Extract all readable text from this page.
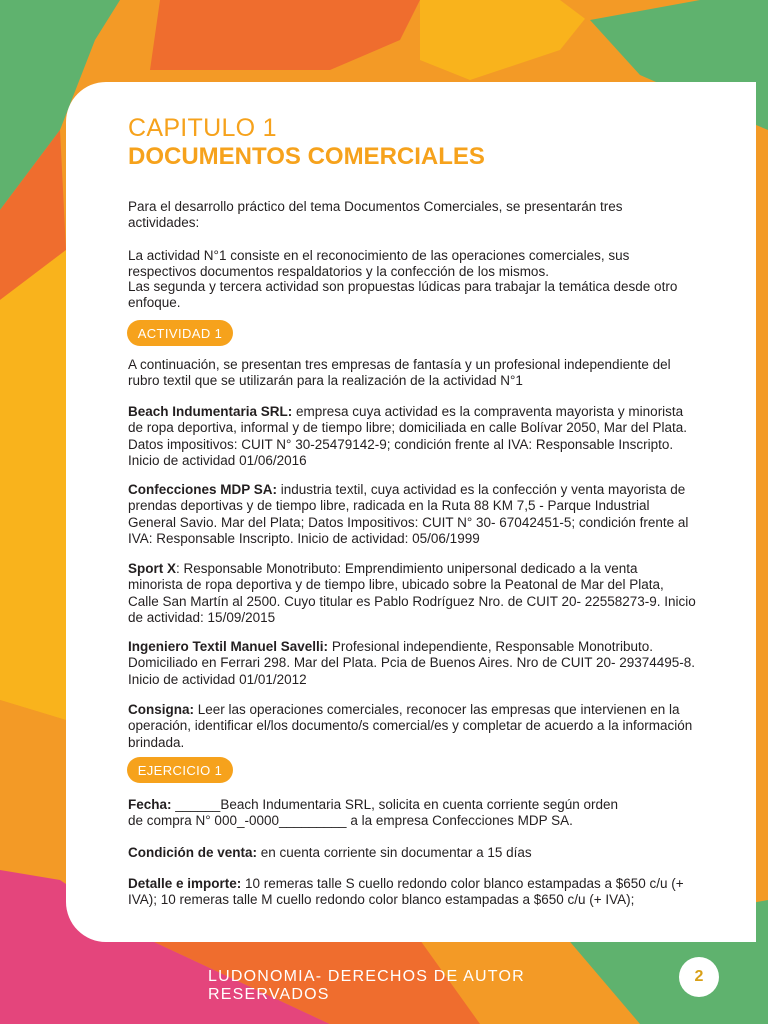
CAPITULO 1
DOCUMENTOS COMERCIALES
Para el desarrollo práctico del tema Documentos Comerciales, se presentarán tres actividades:
La actividad N°1 consiste en el reconocimiento de las operaciones comerciales, sus respectivos documentos respaldatorios y la confección de los mismos.
Las segunda y tercera actividad son propuestas lúdicas para trabajar la temática desde otro enfoque.
ACTIVIDAD 1
A continuación, se presentan tres empresas de fantasía y un profesional independiente del rubro textil que se utilizarán para la realización de la actividad N°1
Beach Indumentaria SRL: empresa cuya actividad es la compraventa mayorista y minorista de ropa deportiva, informal y de tiempo libre; domiciliada en calle Bolívar 2050, Mar del Plata. Datos impositivos: CUIT N° 30-25479142-9; condición frente al IVA: Responsable Inscripto. Inicio de actividad 01/06/2016
Confecciones MDP SA: industria textil, cuya actividad es la confección y venta mayorista de prendas deportivas y de tiempo libre, radicada en la Ruta 88 KM 7,5 - Parque Industrial General Savio. Mar del Plata; Datos Impositivos: CUIT N° 30- 67042451-5; condición frente al IVA: Responsable Inscripto. Inicio de actividad: 05/06/1999
Sport X: Responsable Monotributo: Emprendimiento unipersonal dedicado a la venta minorista de ropa deportiva y de tiempo libre, ubicado sobre la Peatonal de Mar del Plata, Calle San Martín al 2500. Cuyo titular es Pablo Rodríguez Nro. de CUIT 20- 22558273-9. Inicio de actividad: 15/09/2015
Ingeniero Textil Manuel Savelli: Profesional independiente, Responsable Monotributo. Domiciliado en Ferrari 298. Mar del Plata. Pcia de Buenos Aires. Nro de CUIT 20- 29374495-8. Inicio de actividad 01/01/2012
Consigna: Leer las operaciones comerciales, reconocer las empresas que intervienen en la operación, identificar el/los documento/s comercial/es y completar de acuerdo a la información brindada.
EJERCICIO 1
Fecha: ______Beach Indumentaria SRL, solicita en cuenta corriente según orden
de compra N° 000_-0000_________ a la empresa Confecciones MDP SA.
Condición de venta: en cuenta corriente sin documentar a 15 días
Detalle e importe: 10 remeras talle S cuello redondo color blanco estampadas a $650 c/u (+ IVA); 10 remeras talle M cuello redondo color blanco estampadas a $650 c/u (+ IVA);
LUDONOMIA- DERECHOS DE AUTOR RESERVADOS
2
